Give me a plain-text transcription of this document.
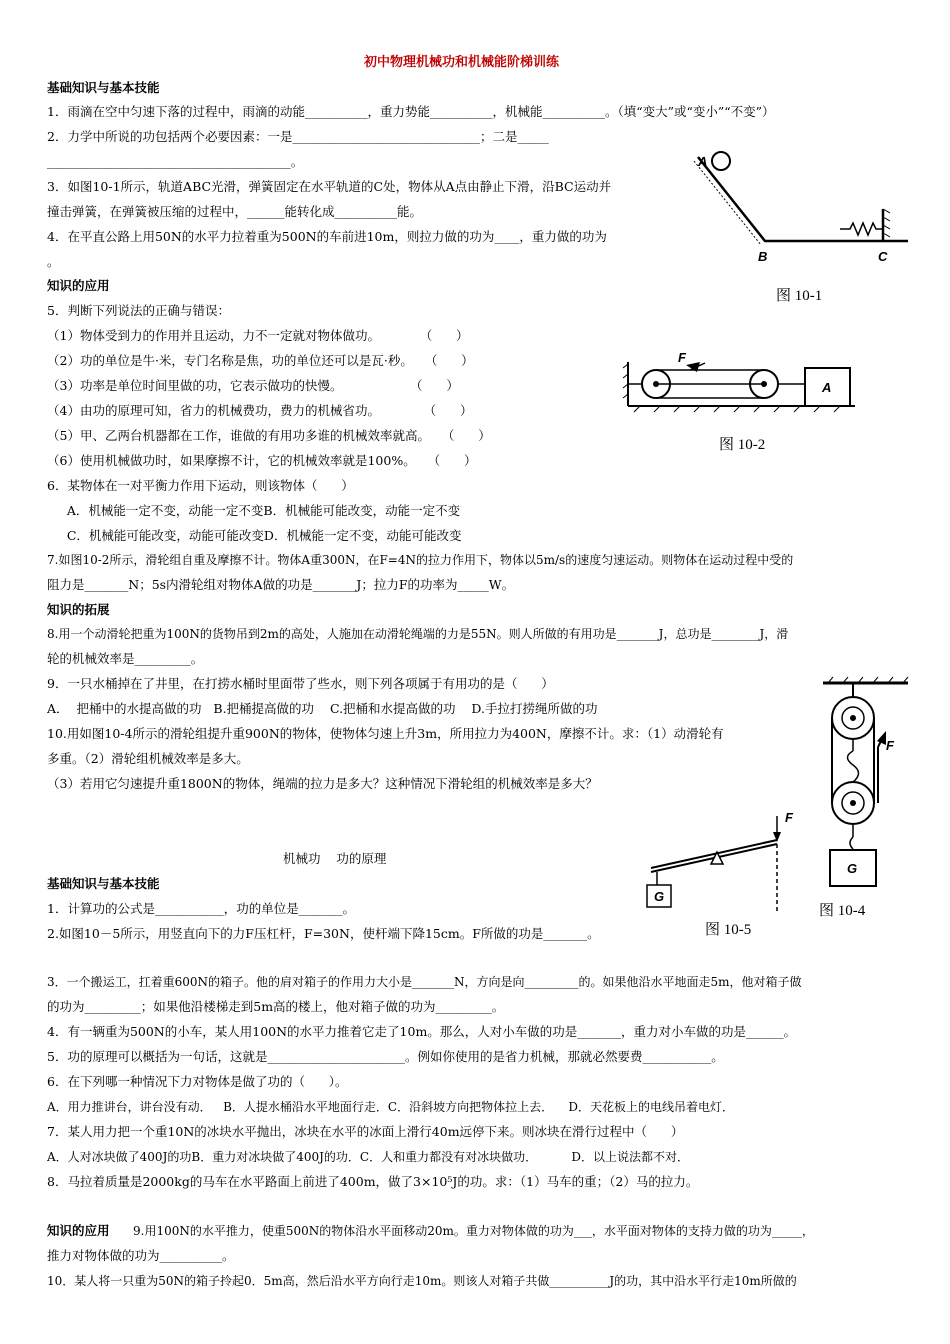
初中物理机械功和机械能阶梯训练
基础知识与基本技能
1．雨滴在空中匀速下落的过程中，雨滴的动能__________，重力势能__________，机械能__________。（填“变大”或“变小”“不变”）
2．力学中所说的功包括两个必要因素：一是______________________________；二是_____
_______________________________________。
3．如图10-1所示，轨道ABC光滑，弹簧固定在水平轨道的C处，物体从A点由静止下滑，沿BC运动并
撞击弹簧，在弹簧被压缩的过程中，______能转化成__________能。
4．在平直公路上用50N的水平力拉着重为500N的车前进10m，则拉力做的功为____，重力做的功为
。
知识的应用
5．判断下列说法的正确与错误：
（1）物体受到力的作用并且运动，力不一定就对物体做功。          （      ）
（2）功的单位是牛·米，专门名称是焦，功的单位还可以是瓦·秒。   （      ）
（3）功率是单位时间里做的功，它表示做功的快慢。                 （      ）
（4）由功的原理可知，省力的机械费功，费力的机械省功。           （      ）
（5）甲、乙两台机器都在工作，谁做的有用功多谁的机械效率就高。   （      ）
（6）使用机械做功时，如果摩擦不计，它的机械效率就是100%。   （      ）
6．某物体在一对平衡力作用下运动，则该物体（      ）
A．机械能一定不变，动能一定不变B．机械能可能改变，动能一定不变
C．机械能可能改变，动能可能改变D．机械能一定不变，动能可能改变
7.如图10-2所示，滑轮组自重及摩擦不计。物体A重300N，在F=4N的拉力作用下，物体以5m/s的速度匀速运动。则物体在运动过程中受的
阻力是_______N；5s内滑轮组对物体A做的功是_______J；拉力F的功率为_____W。
知识的拓展
8.用一个动滑轮把重为100N的货物吊到2m的高处，人施加在动滑轮绳端的力是55N。则人所做的有用功是_______J，总功是________J，滑
轮的机械效率是_________。
9．一只水桶掉在了井里，在打捞水桶时里面带了些水，则下列各项属于有用功的是（      ）
A．  把桶中的水提高做的功   B.把桶提高做的功    C.把桶和水提高做的功    D.手拉打捞绳所做的功
10.用如图10-4所示的滑轮组提升重900N的物体，使物体匀速上升3m，所用拉力为400N，摩擦不计。求：（1）动滑轮有
多重。（2）滑轮组机械效率是多大。
（3）若用它匀速提升重1800N的物体，绳端的拉力是多大？这种情况下滑轮组的机械效率是多大？
机械功    功的原理
基础知识与基本技能
1．计算功的公式是___________，功的单位是_______。
2.如图10－5所示，用竖直向下的力F压杠杆，F=30N，使杆端下降15cm。F所做的功是_______。
3．一个搬运工，扛着重600N的箱子。他的肩对箱子的作用力大小是_______N，方向是向_________的。如果他沿水平地面走5m，他对箱子做
的功为_________；如果他沿楼梯走到5m高的楼上，他对箱子做的功为_________。
4．有一辆重为500N的小车，某人用100N的水平力推着它走了10m。那么，人对小车做的功是_______，重力对小车做的功是______。
5．功的原理可以概括为一句话，这就是______________________。例如你使用的是省力机械，那就必然要费___________。
6．在下列哪一种情况下力对物体是做了功的（      ）。
A．用力推讲台，讲台没有动．   B．人提水桶沿水平地面行走．C．沿斜坡方向把物体拉上去．    D．天花板上的电线吊着电灯．
7．某人用力把一个重10N的冰块水平抛出，冰块在水平的冰面上滑行40m远停下来。则冰块在滑行过程中（      ）
A．人对冰块做了400J的功B．重力对冰块做了400J的功．C．人和重力都没有对冰块做功．         D．以上说法都不对．
8．马拉着质量是2000kg的马车在水平路面上前进了400m，做了3×10⁵J的功。求：（1）马车的重；（2）马的拉力。
知识的应用 9.用100N的水平推力，使重500N的物体沿水平面移动20m。重力对物体做的功为___，水平面对物体的支持力做的功为_____，
推力对物体做的功为__________。
10．某人将一只重为50N的箱子拎起0．5m高，然后沿水平方向行走10m。则该人对箱子共做__________J的功，其中沿水平行走10m所做的
A
B	C
图 10-1
F
A
图 10-2
F
G
图 10-4
F
G
图 10-5
